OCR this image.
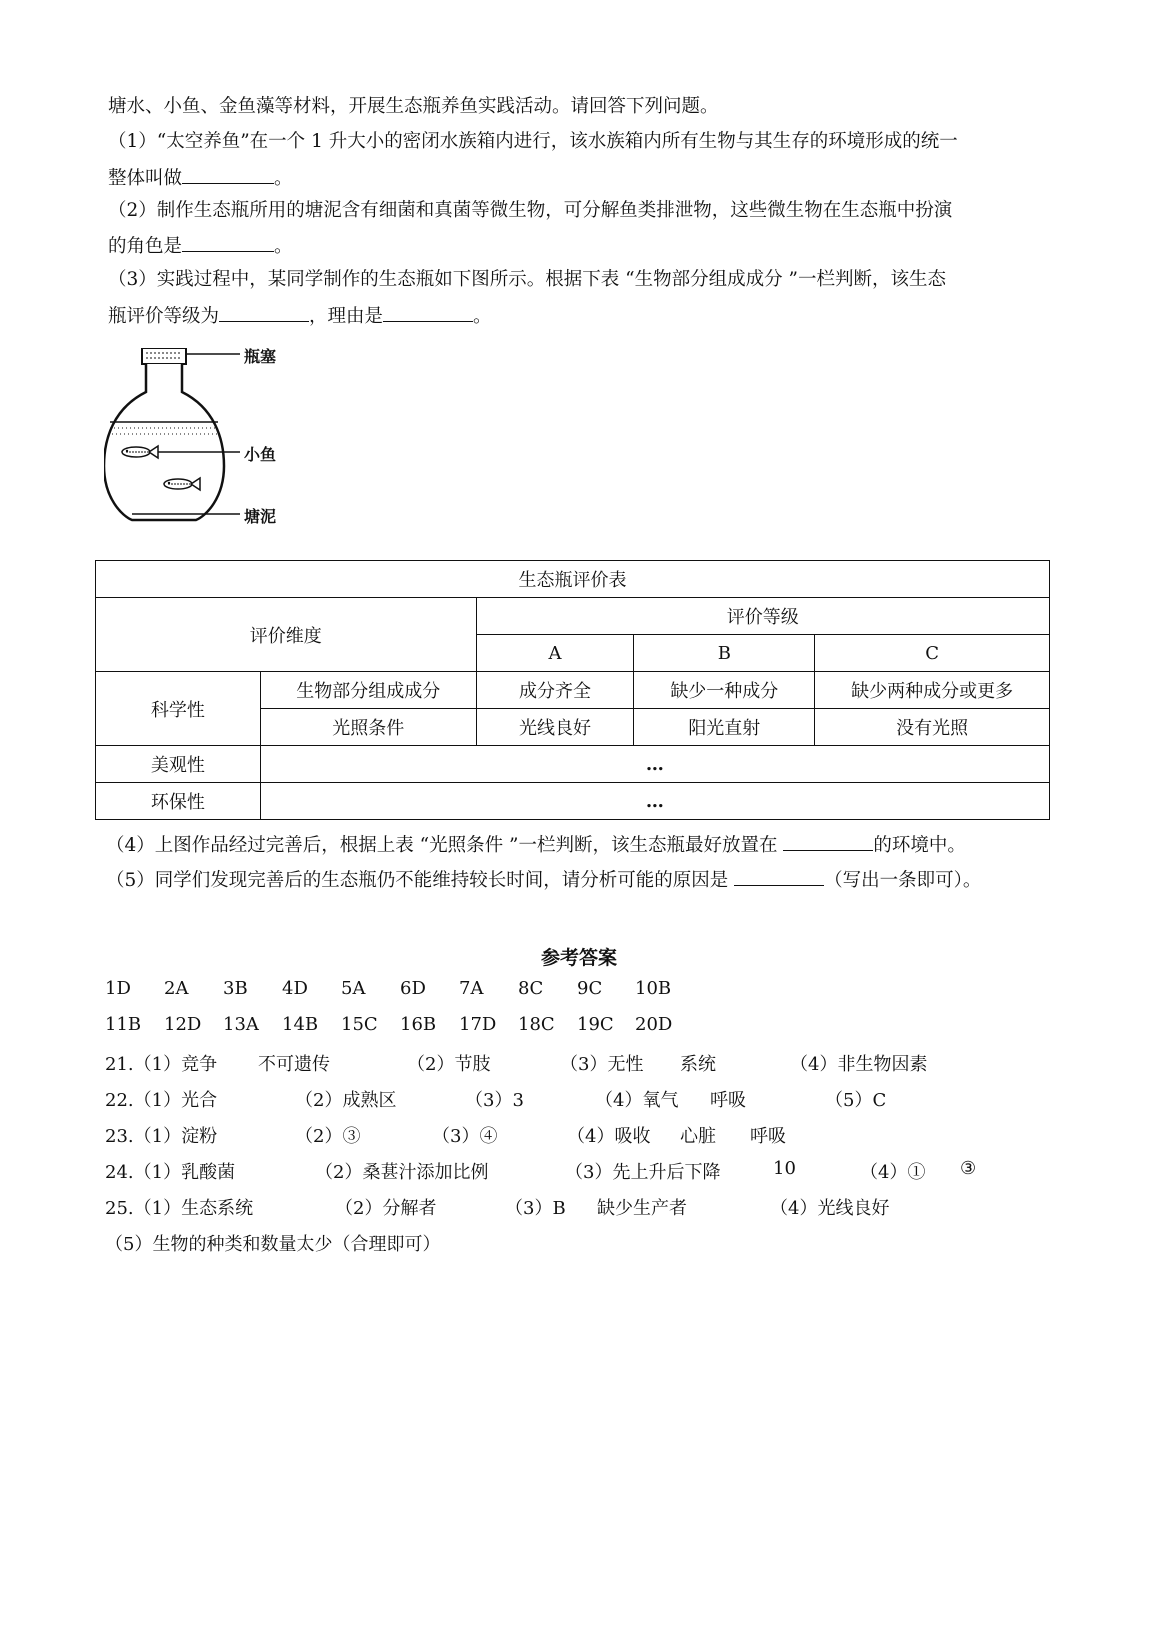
塘水、小鱼、金鱼藻等材料，开展生态瓶养鱼实践活动。请回答下列问题。
（1）“太空养鱼”在一个 1 升大小的密闭水族箱内进行，该水族箱内所有生物与其生存的环境形成的统一
整体叫做	。
（2）制作生态瓶所用的塘泥含有细菌和真菌等微生物，可分解鱼类排泄物，这些微生物在生态瓶中扮演
的角色是	。
（3）实践过程中，某同学制作的生态瓶如下图所示。根据下表 “生物部分组成成分 ”一栏判断，该生态
瓶评价等级为	，理由是	。
瓶塞
小鱼
塘泥
生态瓶评价表				
评价维度		评价等级		
		A	B	C
科学性	生物部分组成成分	成分齐全	缺少一种成分	缺少两种成分或更多
	光照条件	光线良好	阳光直射	没有光照
美观性	…			
环保性	…			
（4）上图作品经过完善后，根据上表 “光照条件 ”一栏判断，该生态瓶最好放置在	的环境中。
（5）同学们发现完善后的生态瓶仍不能维持较长时间，请分析可能的原因是	（写出一条即可）。
参考答案
1D 2A 3B 4D 5A 6D 7A 8C 9C 10B
11B 12D 13A 14B 15C 16B 17D 18C 19C 20D
21.（1）竞争 不可遗传	（2）节肢	（3）无性 系统	（4）非生物因素
22.（1）光合	（2）成熟区	（3）3	（4）氧气 呼吸	（5）C
23.（1）淀粉	（2）③	（3）④	（4）吸收 心脏 呼吸
24.（1）乳酸菌	（2）桑葚汁添加比例	（3）先上升后下降	10	（4）① ③
25.（1）生态系统	（2）分解者	（3）B 缺少生产者	（4）光线良好
（5）生物的种类和数量太少（合理即可）
